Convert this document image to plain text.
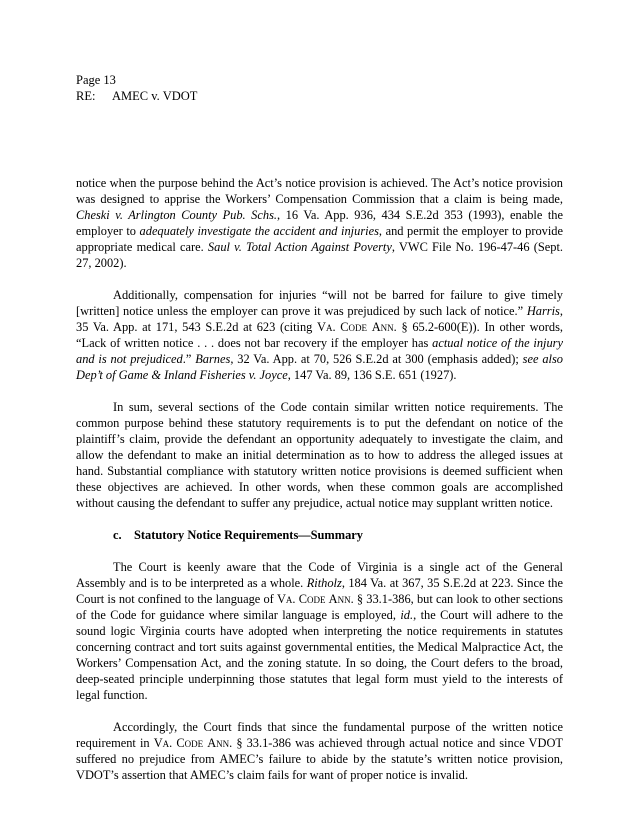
Page 13
RE: AMEC v. VDOT

notice when the purpose behind the Act’s notice provision is achieved. The Act’s notice provision was designed to apprise the Workers’ Compensation Commission that a claim is being made, Cheski v. Arlington County Pub. Schs., 16 Va. App. 936, 434 S.E.2d 353 (1993), enable the employer to adequately investigate the accident and injuries, and permit the employer to provide appropriate medical care. Saul v. Total Action Against Poverty, VWC File No. 196-47-46 (Sept. 27, 2002).

Additionally, compensation for injuries “will not be barred for failure to give timely [written] notice unless the employer can prove it was prejudiced by such lack of notice.” Harris, 35 Va. App. at 171, 543 S.E.2d at 623 (citing Va. Code Ann. § 65.2-600(E)). In other words, “Lack of written notice . . . does not bar recovery if the employer has actual notice of the injury and is not prejudiced.” Barnes, 32 Va. App. at 70, 526 S.E.2d at 300 (emphasis added); see also Dep’t of Game & Inland Fisheries v. Joyce, 147 Va. 89, 136 S.E. 651 (1927).

In sum, several sections of the Code contain similar written notice requirements. The common purpose behind these statutory requirements is to put the defendant on notice of the plaintiff’s claim, provide the defendant an opportunity adequately to investigate the claim, and allow the defendant to make an initial determination as to how to address the alleged issues at hand. Substantial compliance with statutory written notice provisions is deemed sufficient when these objectives are achieved. In other words, when these common goals are accomplished without causing the defendant to suffer any prejudice, actual notice may supplant written notice.

c. Statutory Notice Requirements—Summary

The Court is keenly aware that the Code of Virginia is a single act of the General Assembly and is to be interpreted as a whole. Ritholz, 184 Va. at 367, 35 S.E.2d at 223. Since the Court is not confined to the language of Va. Code Ann. § 33.1-386, but can look to other sections of the Code for guidance where similar language is employed, id., the Court will adhere to the sound logic Virginia courts have adopted when interpreting the notice requirements in statutes concerning contract and tort suits against governmental entities, the Medical Malpractice Act, the Workers’ Compensation Act, and the zoning statute. In so doing, the Court defers to the broad, deep-seated principle underpinning those statutes that legal form must yield to the interests of legal function.

Accordingly, the Court finds that since the fundamental purpose of the written notice requirement in Va. Code Ann. § 33.1-386 was achieved through actual notice and since VDOT suffered no prejudice from AMEC’s failure to abide by the statute’s written notice provision, VDOT’s assertion that AMEC’s claim fails for want of proper notice is invalid.
